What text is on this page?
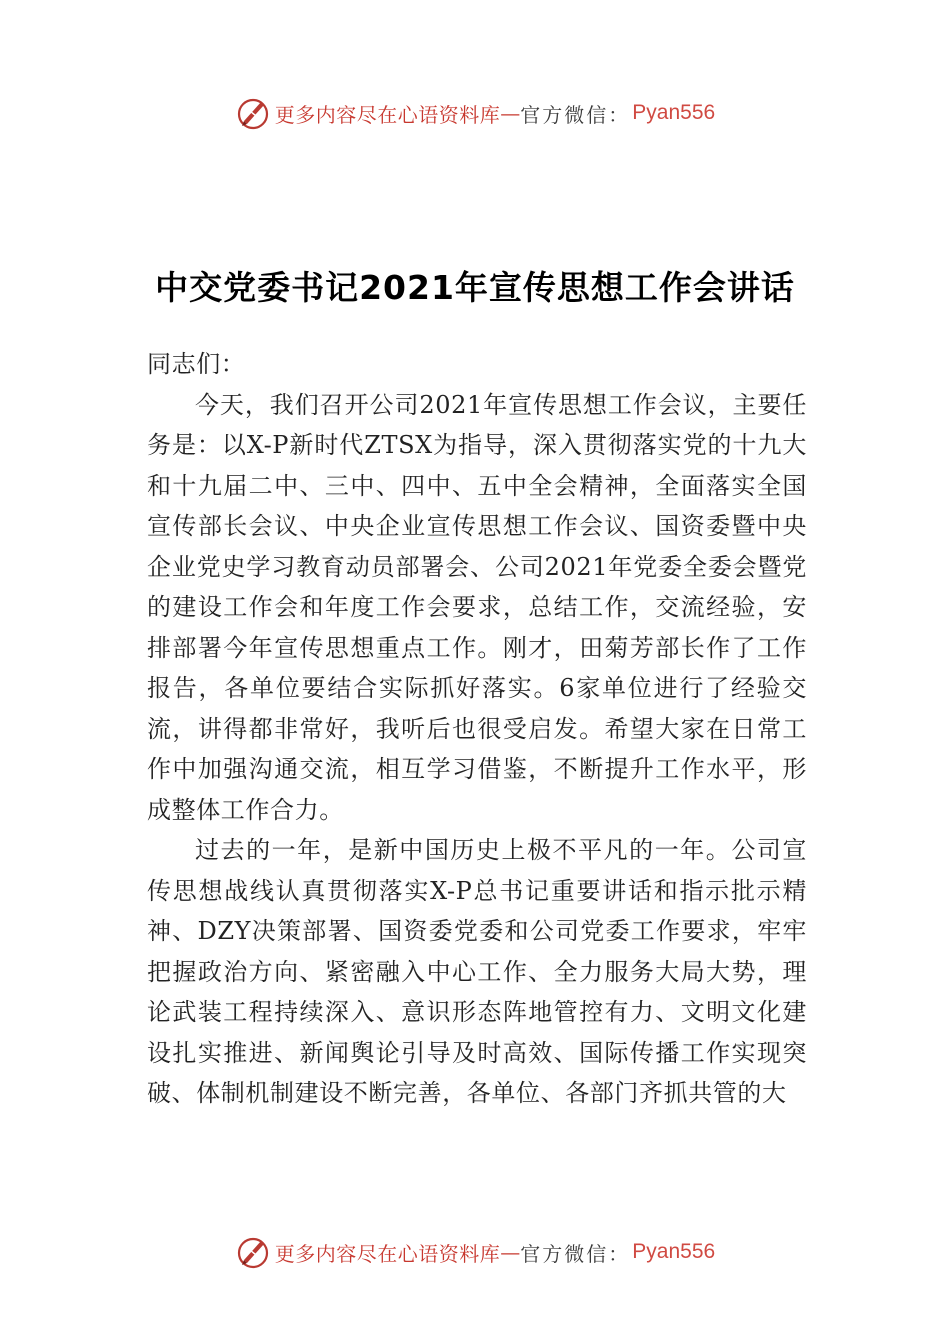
更多内容尽在心语资料库 — 官方微信： Pyan556
中交党委书记2021年宣传思想工作会讲话

同志们：

今天，我们召开公司2021年宣传思想工作会议，主要任务是：以X-P新时代ZTSX为指导，深入贯彻落实党的十九大和十九届二中、三中、四中、五中全会精神，全面落实全国宣传部长会议、中央企业宣传思想工作会议、国资委暨中央企业党史学习教育动员部署会、公司2021年党委全委会暨党的建设工作会和年度工作会要求，总结工作，交流经验，安排部署今年宣传思想重点工作。刚才，田菊芳部长作了工作报告，各单位要结合实际抓好落实。6家单位进行了经验交流，讲得都非常好，我听后也很受启发。希望大家在日常工作中加强沟通交流，相互学习借鉴，不断提升工作水平，形成整体工作合力。

过去的一年，是新中国历史上极不平凡的一年。公司宣传思想战线认真贯彻落实X-P总书记重要讲话和指示批示精神、DZY决策部署、国资委党委和公司党委工作要求，牢牢把握政治方向、紧密融入中心工作、全力服务大局大势，理论武装工程持续深入、意识形态阵地管控有力、文明文化建设扎实推进、新闻舆论引导及时高效、国际传播工作实现突破、体制机制建设不断完善，各单位、各部门齐抓共管的大

更多内容尽在心语资料库 — 官方微信： Pyan556
